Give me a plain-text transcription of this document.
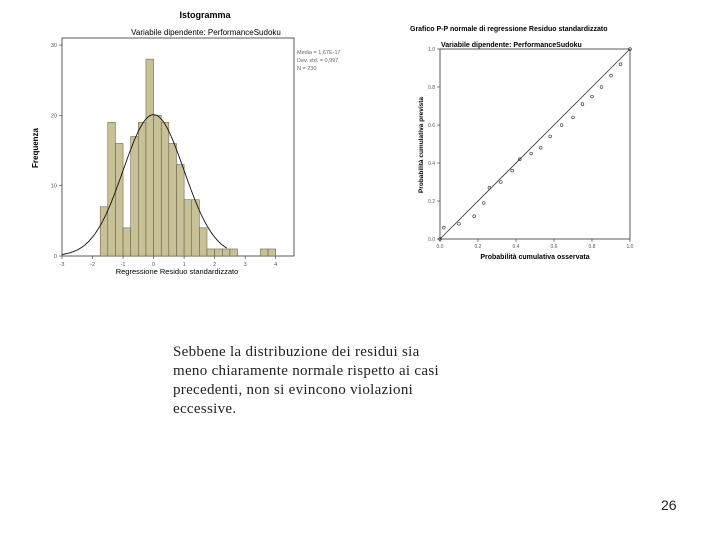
Istogramma
Variabile dipendente: PerformanceSudoku
0
10
20
30
-3	-2	-1	0	1	2	3	4
Frequenza
Regressione Residuo standardizzato
Media = 1,67E-17
Dev. std. = 0,997
N = 230
Grafico P-P normale di regressione Residuo standardizzato
Variabile dipendente: PerformanceSudoku
0.0
0.2
0.4
0.6
0.8
1.0
0.0	0.2	0.4	0.6	0.8	1.0
Probabilità cumulativa prevista
Probabilità cumulativa osservata
Sebbene la distribuzione dei residui sia
meno chiaramente normale rispetto ai casi
precedenti, non si evincono violazioni
eccessive.
26
